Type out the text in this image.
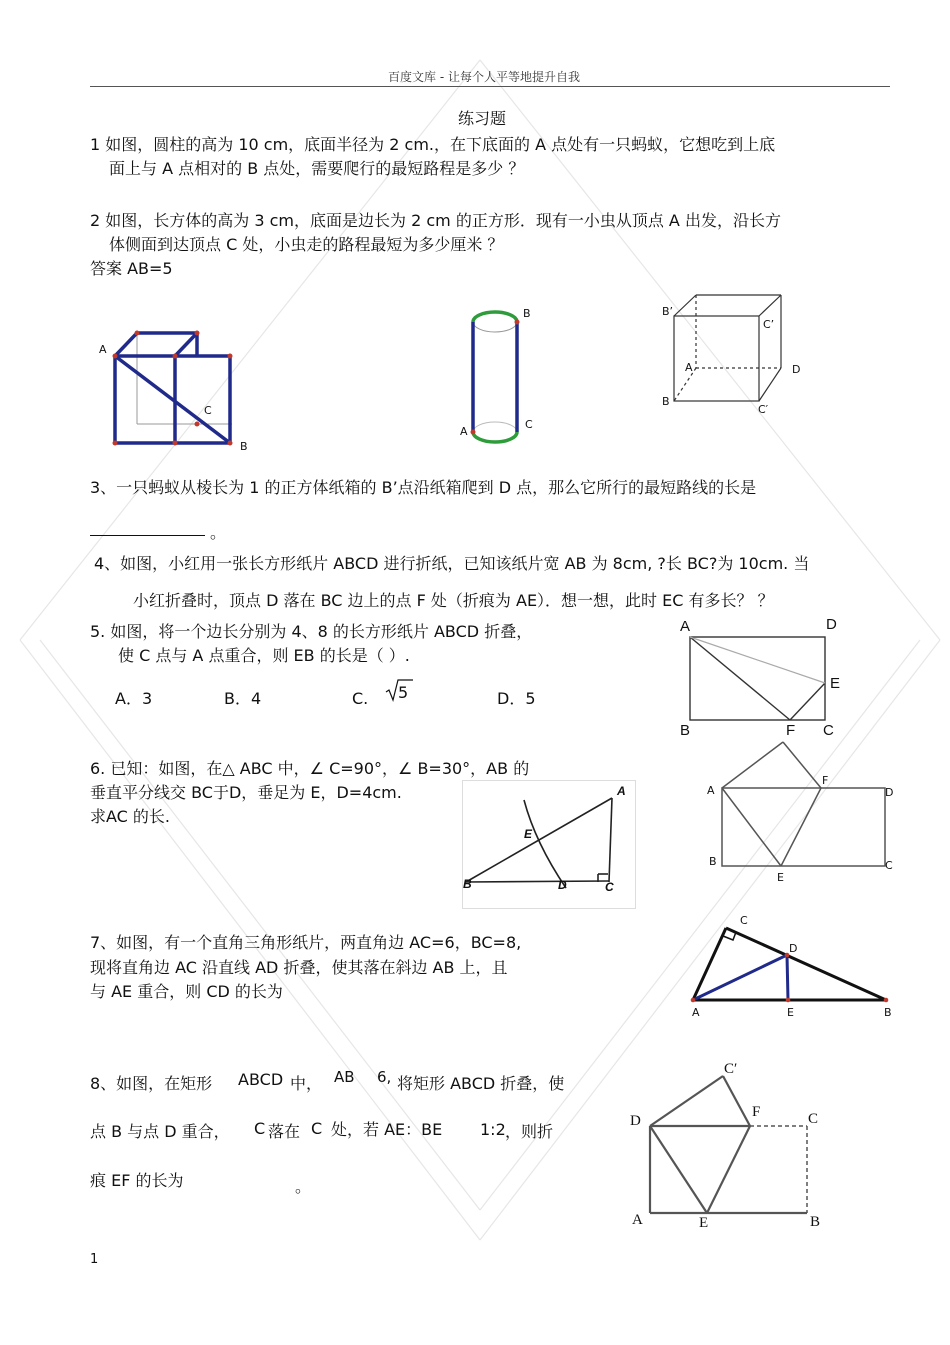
百度文库 - 让每个人平等地提升自我
练习题
1 如图，圆柱的高为 10 cm，底面半径为 2 cm.，在下底面的 A 点处有一只蚂蚁，它想吃到上底
面上与 A 点相对的 B 点处，需要爬行的最短路程是多少 ？
2 如图，长方体的高为 3 cm，底面是边长为 2 cm 的正方形．现有一小虫从顶点 A 出发，沿长方
体侧面到达顶点 C 处，小虫走的路程最短为多少厘米 ？
答案 AB=5
A
C
B
B
A
C
B’
C’
A	D
B
C′
3、一只蚂蚁从棱长为 1 的正方体纸箱的 B’点沿纸箱爬到 D 点，那么它所行的最短路线的长是
。
4、如图，小红用一张长方形纸片 ABCD 进行折纸，已知该纸片宽 AB 为 8cm, ?长 BC?为 10cm. 当
小红折叠时，顶点 D 落在 BC 边上的点 F 处（折痕为 AE）．想一想，此时 EC 有多长？ ？
5. 如图，将一个边长分别为 4、8 的长方形纸片 ABCD 折叠，
使 C 点与 A 点重合，则 EB 的长是（ ）.
A．3	B．4	C. 5	D．5
A	D
E
B	F C
6. 已知：如图，在△ ABC 中，∠ C=90°，∠ B=30°，AB 的
垂直平分线交 BC于D，垂足为 E，D=4cm.
求AC 的长.
A
E
B	D	C
A
F
D
B
E
C
7、如图，有一个直角三角形纸片，两直角边 AC=6，BC=8,
现将直角边 AC 沿直线 AD 折叠，使其落在斜边 AB 上，且
与 AE 重合，则 CD 的长为
C
D
A	E	B
8、如图，在矩形 ABCD 中， AB 6, 将矩形 ABCD 折叠，使
点 B 与点 D 重合， C 落在 C 处，若 AE：BE 1:2 ，则折
痕 EF 的长为	。
C′
D
F	C
A	E	B
1
